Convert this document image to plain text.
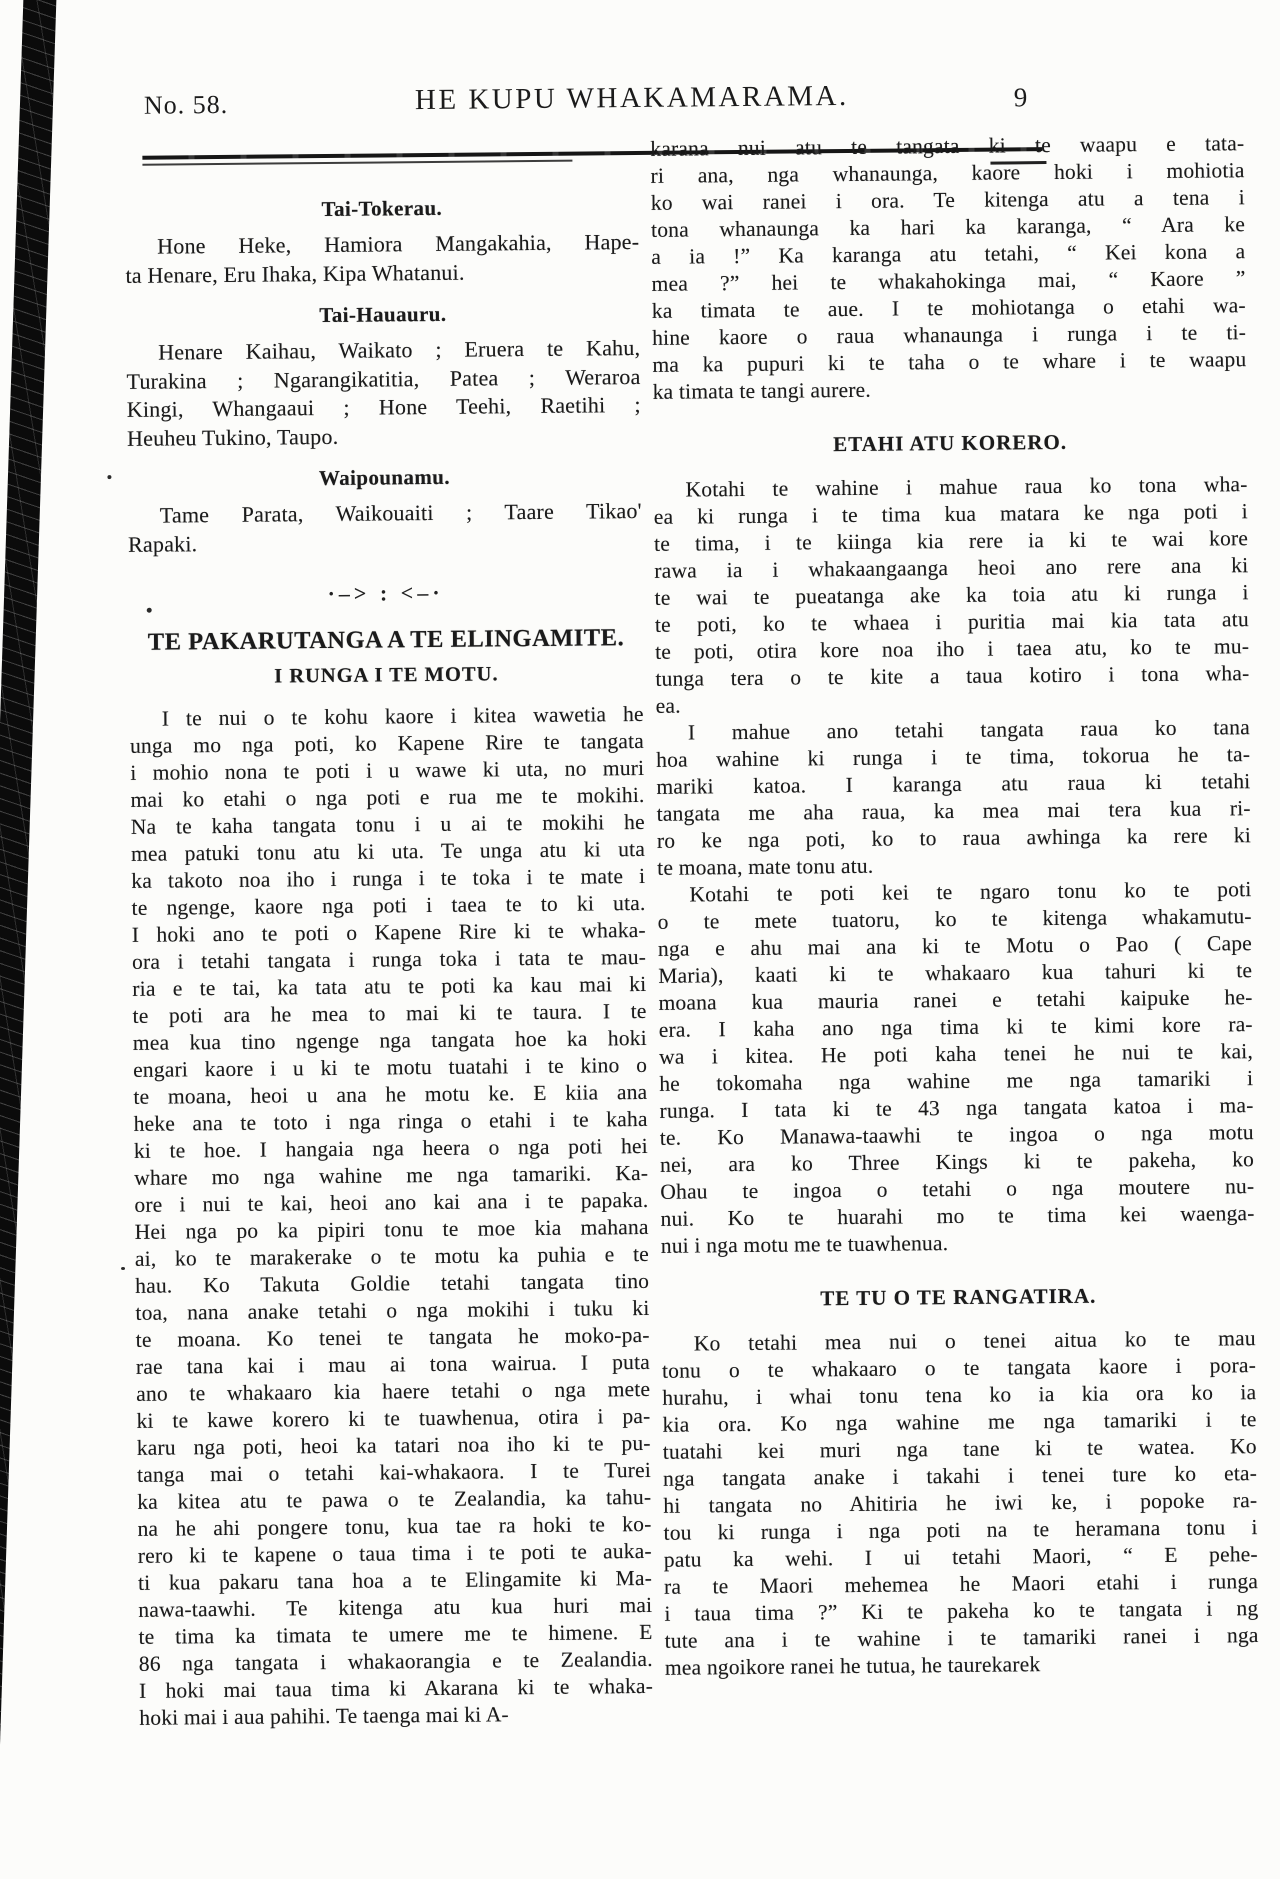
No. 58.	HE KUPU WHAKAMARAMA.	9
Tai-Tokerau.
Hone Heke, Hamiora Mangakahia, Hape-
ta Henare, Eru Ihaka, Kipa Whatanui.
Tai-Hauauru.
Henare Kaihau, Waikato ; Eruera te Kahu,
Turakina ; Ngarangikatitia, Patea ; Weraroa
Kingi, Whangaaui ; Hone Teehi, Raetihi ;
Heuheu Tukino, Taupo.
Waipounamu.
Tame Parata, Waikouaiti ; Taare Tikao'
Rapaki.
·–> : <–·
TE PAKARUTANGA A TE ELINGAMITE.
I RUNGA I TE MOTU.
I te nui o te kohu kaore i kitea wawetia he
unga mo nga poti, ko Kapene Rire te tangata
i mohio nona te poti i u wawe ki uta, no muri
mai ko etahi o nga poti e rua me te mokihi.
Na te kaha tangata tonu i u ai te mokihi he
mea patuki tonu atu ki uta. Te unga atu ki uta
ka takoto noa iho i runga i te toka i te mate i
te ngenge, kaore nga poti i taea te to ki uta.
I hoki ano te poti o Kapene Rire ki te whaka-
ora i tetahi tangata i runga toka i tata te mau-
ria e te tai, ka tata atu te poti ka kau mai ki
te poti ara he mea to mai ki te taura. I te
mea kua tino ngenge nga tangata hoe ka hoki
engari kaore i u ki te motu tuatahi i te kino o
te moana, heoi u ana he motu ke. E kiia ana
heke ana te toto i nga ringa o etahi i te kaha
ki te hoe. I hangaia nga heera o nga poti hei
whare mo nga wahine me nga tamariki. Ka-
ore i nui te kai, heoi ano kai ana i te papaka.
Hei nga po ka pipiri tonu te moe kia mahana
ai, ko te marakerake o te motu ka puhia e te
hau. Ko Takuta Goldie tetahi tangata tino
toa, nana anake tetahi o nga mokihi i tuku ki
te moana. Ko tenei te tangata he moko-pa-
rae tana kai i mau ai tona wairua. I puta
ano te whakaaro kia haere tetahi o nga mete
ki te kawe korero ki te tuawhenua, otira i pa-
karu nga poti, heoi ka tatari noa iho ki te pu-
tanga mai o tetahi kai-whakaora. I te Turei
ka kitea atu te pawa o te Zealandia, ka tahu-
na he ahi pongere tonu, kua tae ra hoki te ko-
rero ki te kapene o taua tima i te poti te auka-
ti kua pakaru tana hoa a te Elingamite ki Ma-
nawa-taawhi. Te kitenga atu kua huri mai
te tima ka timata te umere me te himene. E
86 nga tangata i whakaorangia e te Zealandia.
I hoki mai taua tima ki Akarana ki te whaka-
hoki mai i aua pahihi. Te taenga mai ki A-
karana nui atu te tangata ki te waapu e tata-
ri ana, nga whanaunga, kaore hoki i mohiotia
ko wai ranei i ora. Te kitenga atu a tena i
tona whanaunga ka hari ka karanga, “ Ara ke
a ia !” Ka karanga atu tetahi, “ Kei kona a
mea ?” hei te whakahokinga mai, “ Kaore ”
ka timata te aue. I te mohiotanga o etahi wa-
hine kaore o raua whanaunga i runga i te ti-
ma ka pupuri ki te taha o te whare i te waapu
ka timata te tangi aurere.
ETAHI ATU KORERO.
Kotahi te wahine i mahue raua ko tona wha-
ea ki runga i te tima kua matara ke nga poti i
te tima, i te kiinga kia rere ia ki te wai kore
rawa ia i whakaangaanga heoi ano rere ana ki
te wai te pueatanga ake ka toia atu ki runga i
te poti, ko te whaea i puritia mai kia tata atu
te poti, otira kore noa iho i taea atu, ko te mu-
tunga tera o te kite a taua kotiro i tona wha-
ea.
I mahue ano tetahi tangata raua ko tana
hoa wahine ki runga i te tima, tokorua he ta-
mariki katoa. I karanga atu raua ki tetahi
tangata me aha raua, ka mea mai tera kua ri-
ro ke nga poti, ko to raua awhinga ka rere ki
te moana, mate tonu atu.
Kotahi te poti kei te ngaro tonu ko te poti
o te mete tuatoru, ko te kitenga whakamutu-
nga e ahu mai ana ki te Motu o Pao ( Cape
Maria), kaati ki te whakaaro kua tahuri ki te
moana kua mauria ranei e tetahi kaipuke he-
era. I kaha ano nga tima ki te kimi kore ra-
wa i kitea. He poti kaha tenei he nui te kai,
he tokomaha nga wahine me nga tamariki i
runga. I tata ki te 43 nga tangata katoa i ma-
te. Ko Manawa-taawhi te ingoa o nga motu
nei, ara ko Three Kings ki te pakeha, ko
Ohau te ingoa o tetahi o nga moutere nu-
nui. Ko te huarahi mo te tima kei waenga-
nui i nga motu me te tuawhenua.
TE TU O TE RANGATIRA.
Ko tetahi mea nui o tenei aitua ko te mau
tonu o te whakaaro o te tangata kaore i pora-
hurahu, i whai tonu tena ko ia kia ora ko ia
kia ora. Ko nga wahine me nga tamariki i te
tuatahi kei muri nga tane ki te watea. Ko
nga tangata anake i takahi i tenei ture ko eta-
hi tangata no Ahitiria he iwi ke, i popoke ra-
tou ki runga i nga poti na te heramana tonu i
patu ka wehi. I ui tetahi Maori, “ E pehe-
ra te Maori mehemea he Maori etahi i runga
i taua tima ?” Ki te pakeha ko te tangata i ng
tute ana i te wahine i te tamariki ranei i nga
mea ngoikore ranei he tutua, he taurekarek
